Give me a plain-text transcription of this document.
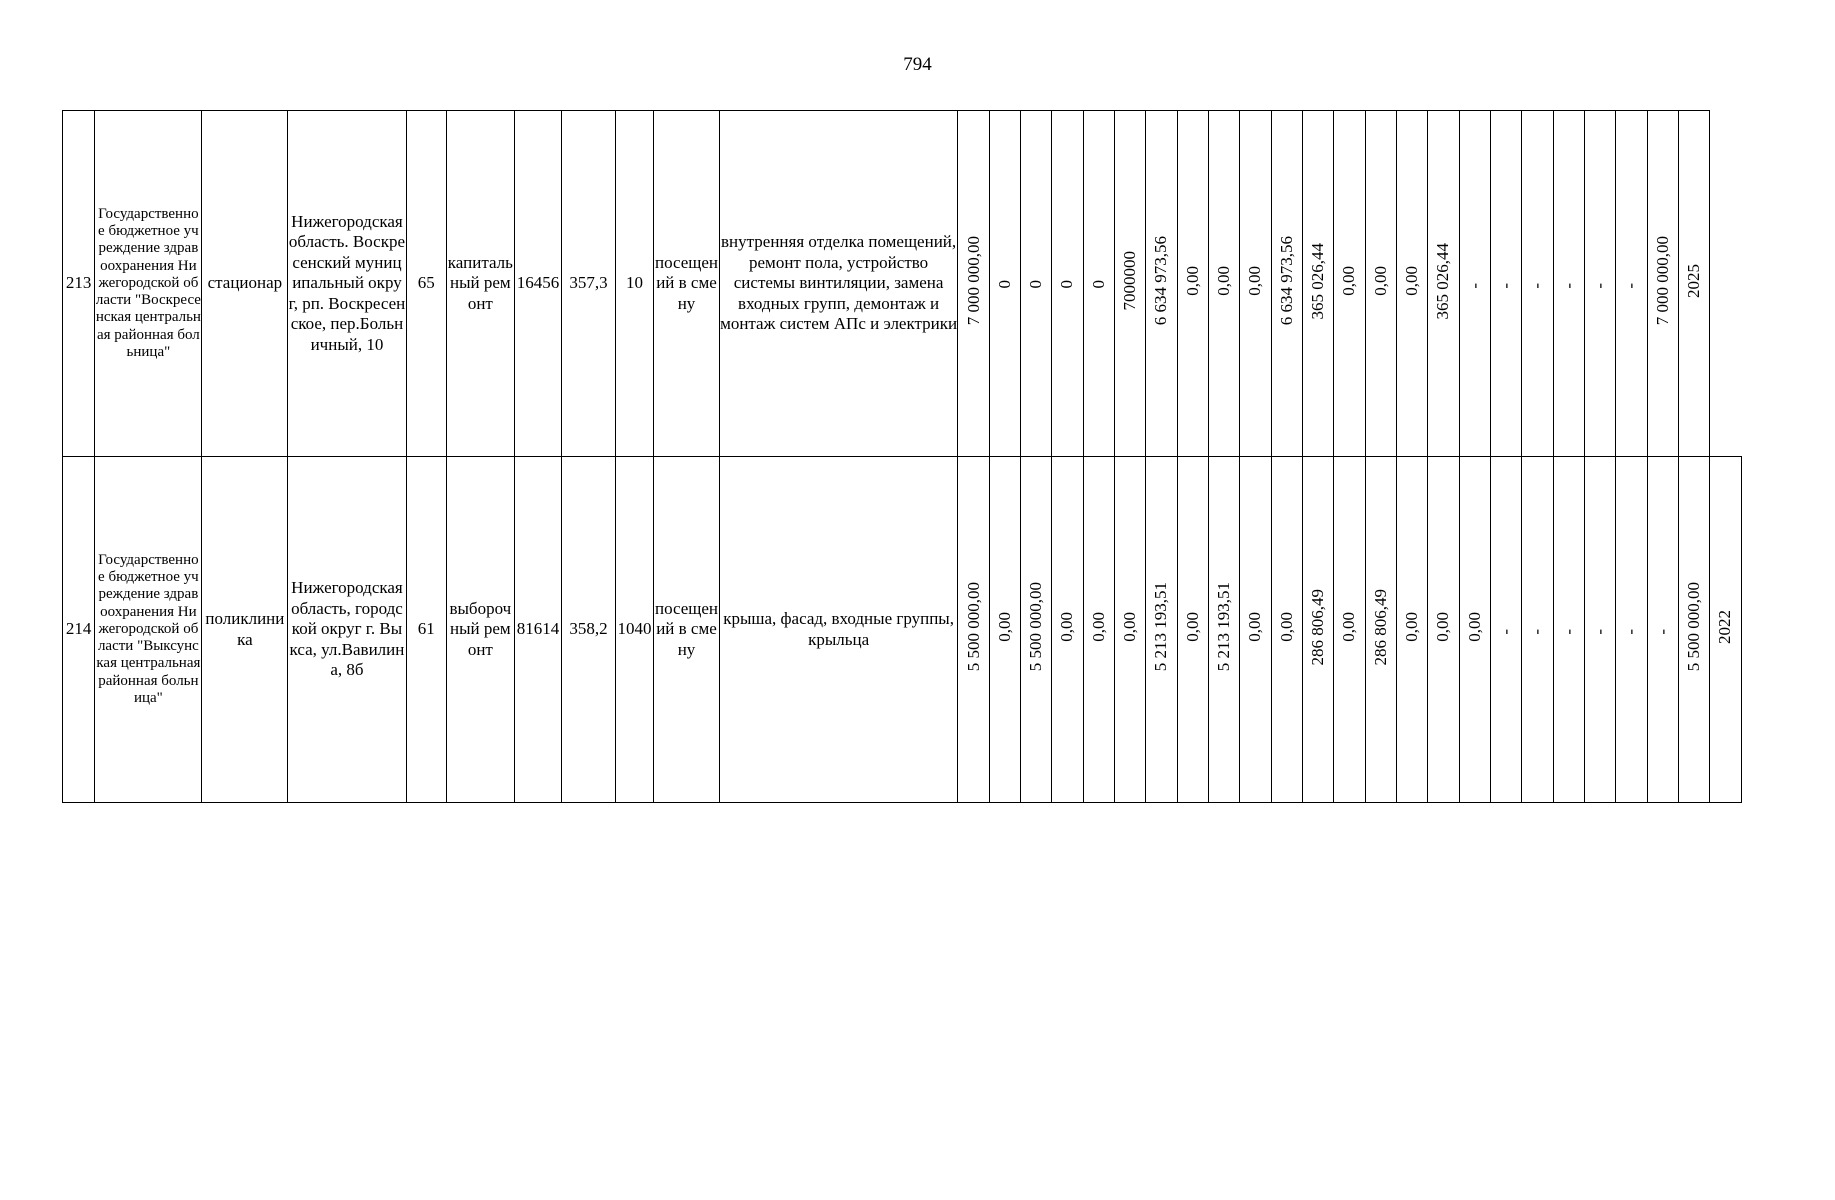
794
213	Государственное бюджетное учреждение здравоохранения Нижегородской области "Воскресенская центральная районная больница"	стационар	Нижегородская область. Воскресенский муниципальный округ, рп. Воскресенское, пер.Больничный, 10	65	капитальный ремонт	16456	357,3	10	посещений в смену	внутренняя отделка помещений, ремонт пола, устройство системы винтиляции, замена входных групп, демонтаж и монтаж систем АПс и электрики	7 000 000,00	0	0	0	0	7000000	6 634 973,56	0,00	0,00	0,00	6 634 973,56	365 026,44	0,00	0,00	0,00	365 026,44	-	-	-	-	-	-	7 000 000,00	2025	
214	Государственное бюджетное учреждение здравоохранения Нижегородской области "Выксунская центральная районная больница"	поликлиника	Нижегородская область, городской округ г. Выкса, ул.Вавилина, 8б	61	выборочный ремонт	81614	358,2	1040	посещений в смену	крыша, фасад, входные группы, крыльца	5 500 000,00	0,00	5 500 000,00	0,00	0,00	0,00	5 213 193,51	0,00	5 213 193,51	0,00	0,00	286 806,49	0,00	286 806,49	0,00	0,00	0,00	-	-	-	-	-	-	5 500 000,00	2022
